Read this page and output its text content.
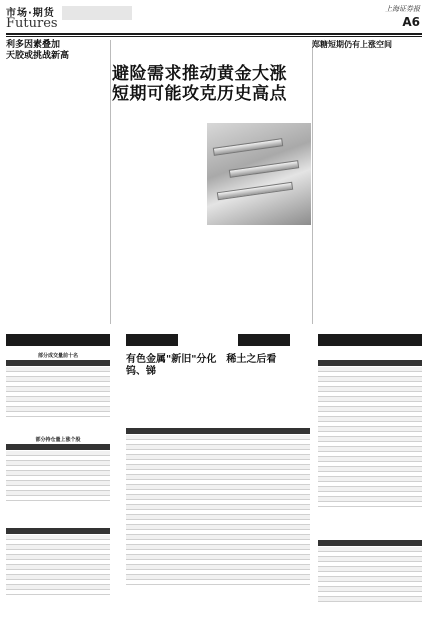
市场·期货
Futures
上海证券报
A6
利多因素叠加
天胶或挑战新高
避险需求推动黄金大涨
短期可能攻克历史高点
郑糖短期仍有上涨空间
部分成交量前十名
部分持仓量上涨个股
有色金属"新旧"分化　稀土之后看钨、锑
